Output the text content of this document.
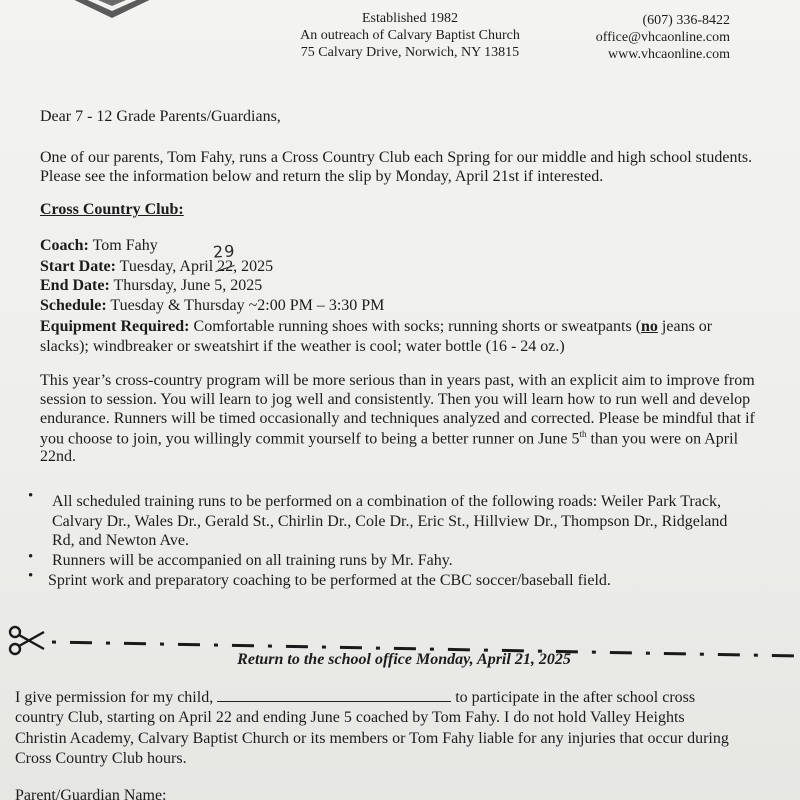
Established 1982
An outreach of Calvary Baptist Church
75 Calvary Drive, Norwich, NY 13815
(607) 336-8422
office@vhcaonline.com
www.vhcaonline.com
Dear 7 - 12 Grade Parents/Guardians,
One of our parents, Tom Fahy, runs a Cross Country Club each Spring for our middle and high school students.
Please see the information below and return the slip by Monday, April 21st if interested.
Cross Country Club:
Coach: Tom Fahy	29
Start Date: Tuesday, April 22, 2025
End Date: Thursday, June 5, 2025
Schedule: Tuesday & Thursday ~2:00 PM – 3:30 PM
Equipment Required: Comfortable running shoes with socks; running shorts or sweatpants (no jeans or
slacks); windbreaker or sweatshirt if the weather is cool; water bottle (16 - 24 oz.)
This year’s cross-country program will be more serious than in years past, with an explicit aim to improve from
session to session. You will learn to jog well and consistently. Then you will learn how to run well and develop
endurance. Runners will be timed occasionally and techniques analyzed and corrected. Please be mindful that if
you choose to join, you willingly commit yourself to being a better runner on June 5th than you were on April
22nd.
• All scheduled training runs to be performed on a combination of the following roads: Weiler Park Track,
Calvary Dr., Wales Dr., Gerald St., Chirlin Dr., Cole Dr., Eric St., Hillview Dr., Thompson Dr., Ridgeland
Rd, and Newton Ave.
• Runners will be accompanied on all training runs by Mr. Fahy.
• Sprint work and preparatory coaching to be performed at the CBC soccer/baseball field.
Return to the school office Monday, April 21, 2025
I give permission for my child,	to participate in the after school cross
country Club, starting on April 22 and ending June 5 coached by Tom Fahy. I do not hold Valley Heights
Christin Academy, Calvary Baptist Church or its members or Tom Fahy liable for any injuries that occur during
Cross Country Club hours.
Parent/Guardian Name:
